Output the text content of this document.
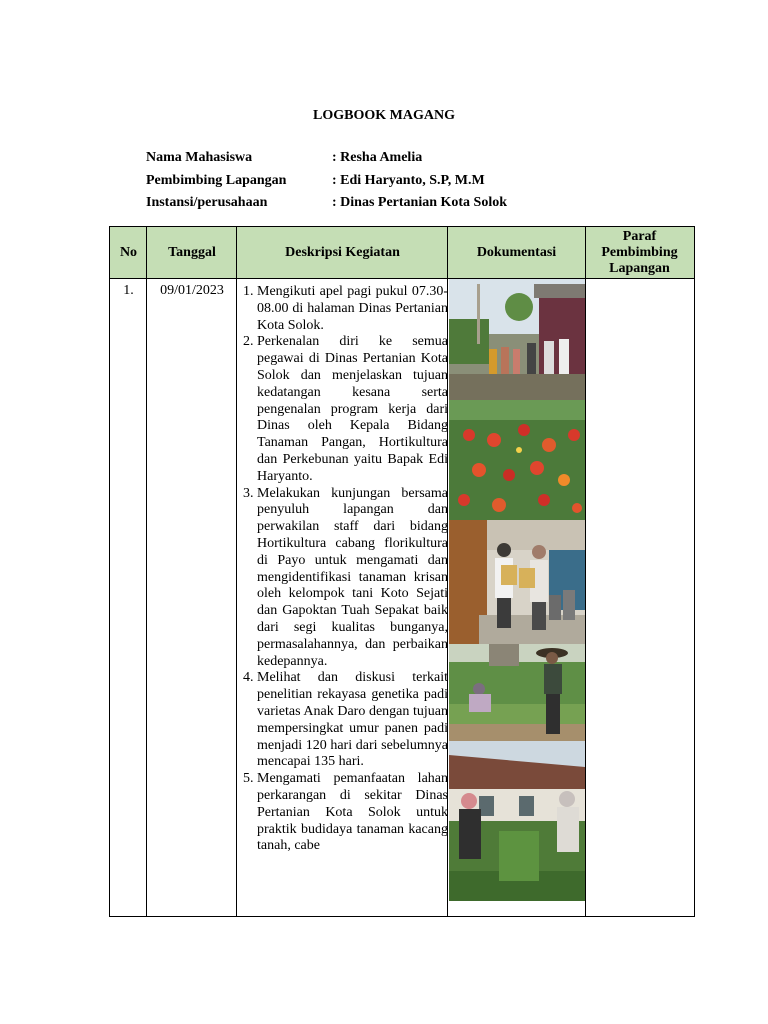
LOGBOOK MAGANG
Nama Mahasiswa	: Resha Amelia
Pembimbing Lapangan	: Edi Haryanto, S.P, M.M
Instansi/perusahaan	: Dinas Pertanian Kota Solok
No	Tanggal	Deskripsi Kegiatan	Dokumentasi
Paraf Pembimbing Lapangan
1.	09/01/2023
1.	Mengikuti apel pagi pukul 07.30-08.00 di halaman Dinas Pertanian Kota Solok.
2. Perkenalan diri ke semua pegawai di Dinas Pertanian Kota Solok dan menjelaskan tujuan kedatangan kesana serta pengenalan program kerja dari Dinas oleh Kepala Bidang Tanaman Pangan, Hortikultura dan Perkebunan yaitu Bapak Edi Haryanto.
3. Melakukan kunjungan bersama penyuluh lapangan dan perwakilan staff dari bidang Hortikultura cabang florikultura di Payo untuk mengamati dan mengidentifikasi tanaman krisan oleh kelompok tani Koto Sejati dan Gapoktan Tuah Sepakat baik dari segi kualitas bunganya, permasalahannya, dan perbaikan kedepannya.
4. Melihat dan diskusi terkait penelitian rekayasa genetika padi varietas Anak Daro dengan tujuan mempersingkat umur panen padi menjadi 120 hari dari sebelumnya mencapai 135 hari.
5. Mengamati pemanfaatan lahan perkarangan di sekitar Dinas Pertanian Kota Solok untuk praktik budidaya tanaman kacang tanah, cabe
